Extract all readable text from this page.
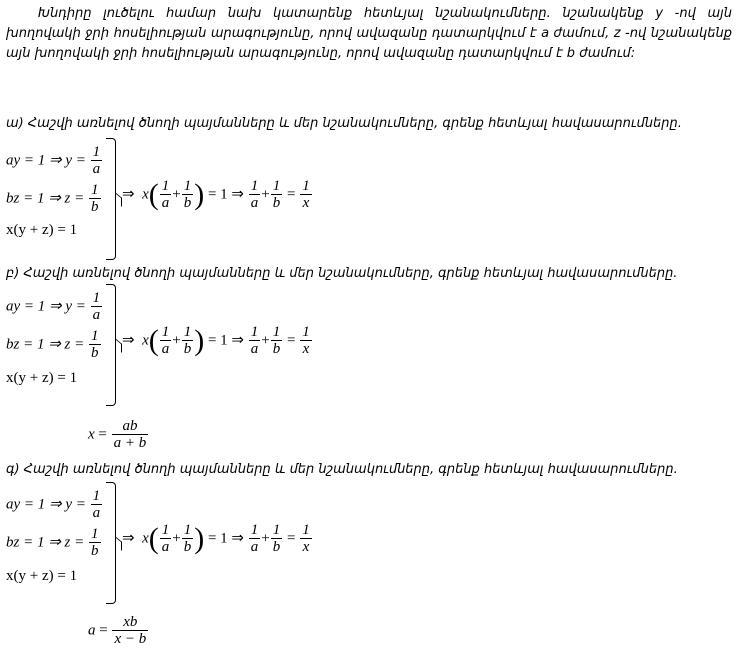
Խնդիրը լուծելու համար նախ կատարենք հետևյալ նշանակումները. նշանակենք y -ով այն խողովակի ջրի հոսելիության արագությունը, որով ավազանը դատարկվում է a ժամում, z -ով նշանակենք այն խողովակի ջրի հոսելիության արագությունը, որով ավազանը դատարկվում է b ժամում:
ա) Հաշվի առնելով ծնողի պայմանները և մեր նշանակումները, գրենք հետևյալ հավասարումները.
ay = 1 ⇒ $y = \frac{1}{a}$
bz = 1 ⇒ $z = \frac{1}{b}$
x(y + z) = 1
⇒ $x( \frac{1}{a} + \frac{1}{b}$ ) = 1 ⇒ $\frac{1}{a} + \frac{1}{b} = \frac{1}{x}$
բ) Հաշվի առնելով ծնողի պայմանները և մեր նշանակումները, գրենք հետևյալ հավասարումները.
ay = 1 ⇒ $y = \frac{1}{a}$
bz = 1 ⇒ $z = \frac{1}{b}$
x(y + z) = 1
⇒ $x( \frac{1}{a} + \frac{1}{b}$ ) = 1 ⇒ $\frac{1}{a} + \frac{1}{b} = \frac{1}{x}$
$x = \frac{ab}{a + b}$
գ) Հաշվի առնելով ծնողի պայմանները և մեր նշանակումները, գրենք հետևյալ հավասարումները.
ay = 1 ⇒ $y = \frac{1}{a}$
bz = 1 ⇒ $z = \frac{1}{b}$
x(y + z) = 1
⇒ $x( \frac{1}{a} + \frac{1}{b}$ ) = 1 ⇒ $\frac{1}{a} + \frac{1}{b} = \frac{1}{x}$
$a = \frac{xb}{x - b}$
